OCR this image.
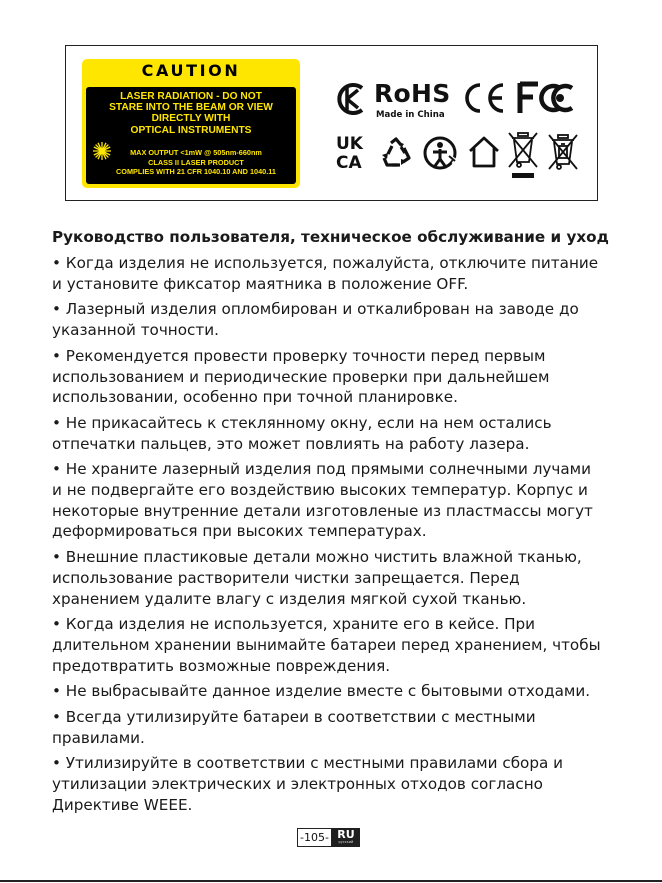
CAUTION
LASER RADIATION - DO NOT
STARE INTO THE BEAM OR VIEW
DIRECTLY WITH
OPTICAL INSTRUMENTS
MAX OUTPUT <1mW @ 505nm-660nm
CLASS II LASER PRODUCT
COMPLIES WITH 21 CFR 1040.10 AND 1040.11
RoHS
Made in China
UK
CA
Руководство пользователя, техническое обслуживание и уход
• Когда изделия не используется, пожалуйста, отключите питание
и установите фиксатор маятника в положение OFF.
• Лазерный изделия опломбирован и откалиброван на заводе до
указанной точности.
• Рекомендуется провести проверку точности перед первым
использованием и периодические проверки при дальнейшем
использовании, особенно при точной планировке.
• Не прикасайтесь к стеклянному окну, если на нем остались
отпечатки пальцев, это может повлиять на работу лазера.
• Не храните лазерный изделия под прямыми солнечными лучами
и не подвергайте его воздействию высоких температур. Корпус и
некоторые внутренние детали изготовленые из пластмассы могут
деформироваться при высоких температурах.
• Внешние пластиковые детали можно чистить влажной тканью,
использование растворители чистки запрещается. Перед
хранением удалите влагу с изделия мягкой сухой тканью.
• Когда изделия не используется, храните его в кейсе. При
длительном хранении вынимайте батареи перед хранением, чтобы
предотвратить возможные повреждения.
• Не выбрасывайте данное изделие вместе с бытовыми отходами.
• Всегда утилизируйте батареи в соответствии с местными
правилами.
• Утилизируйте в соответствии с местными правилами сбора и
утилизации электрических и электронных отходов согласно
Директиве WEEE.
-105- RU
русский
